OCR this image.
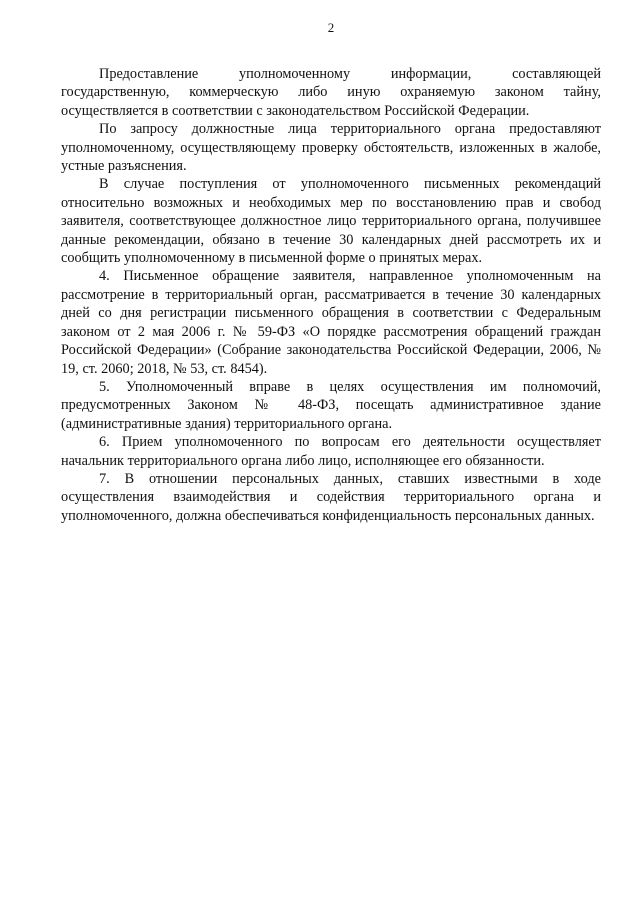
2

Предоставление уполномоченному информации, составляющей государственную, коммерческую либо иную охраняемую законом тайну, осуществляется в соответствии с законодательством Российской Федерации.

По запросу должностные лица территориального органа предоставляют уполномоченному, осуществляющему проверку обстоятельств, изложенных в жалобе, устные разъяснения.

В случае поступления от уполномоченного письменных рекомендаций относительно возможных и необходимых мер по восстановлению прав и свобод заявителя, соответствующее должностное лицо территориального органа, получившее данные рекомендации, обязано в течение 30 календарных дней рассмотреть их и сообщить уполномоченному в письменной форме о принятых мерах.

4. Письменное обращение заявителя, направленное уполномоченным на рассмотрение в территориальный орган, рассматривается в течение 30 календарных дней со дня регистрации письменного обращения в соответствии с Федеральным законом от 2 мая 2006 г. № 59-ФЗ «О порядке рассмотрения обращений граждан Российской Федерации» (Собрание законодательства Российской Федерации, 2006, № 19, ст. 2060; 2018, № 53, ст. 8454).

5. Уполномоченный вправе в целях осуществления им полномочий, предусмотренных Законом № 48-ФЗ, посещать административное здание (административные здания) территориального органа.

6. Прием уполномоченного по вопросам его деятельности осуществляет начальник территориального органа либо лицо, исполняющее его обязанности.

7. В отношении персональных данных, ставших известными в ходе осуществления взаимодействия и содействия территориального органа и уполномоченного, должна обеспечиваться конфиденциальность персональных данных.
